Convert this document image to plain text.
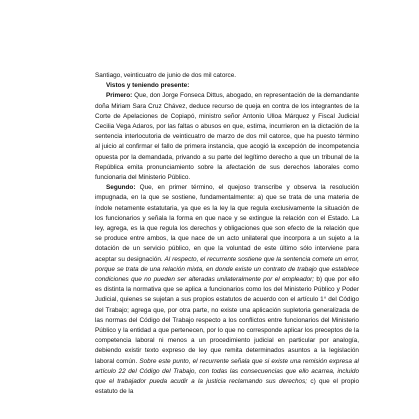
Santiago, veinticuatro de junio de dos mil catorce.

Vistos y teniendo presente:

Primero: Que, don Jorge Fonseca Dittus, abogado, en representación de la demandante doña Miriam Sara Cruz Chávez, deduce recurso de queja en contra de los integrantes de la Corte de Apelaciones de Copiapó, ministro señor Antonio Ulloa Márquez y Fiscal Judicial Cecilia Vega Adaros, por las faltas o abusos en que, estima, incurrieron en la dictación de la sentencia interlocutoria de veinticuatro de marzo de dos mil catorce, que ha puesto término al juicio al confirmar el fallo de primera instancia, que acogió la excepción de incompetencia opuesta por la demandada, privando a su parte del legítimo derecho a que un tribunal de la República emita pronunciamiento sobre la afectación de sus derechos laborales como funcionaria del Ministerio Público.

Segundo: Que, en primer término, el quejoso transcribe y observa la resolución impugnada, en la que se sostiene, fundamentalmente: a) que se trata de una materia de índole netamente estatutaria, ya que es la ley la que regula exclusivamente la situación de los funcionarios y señala la forma en que nace y se extingue la relación con el Estado. La ley, agrega, es la que regula los derechos y obligaciones que son efecto de la relación que se produce entre ambos, la que nace de un acto unilateral que incorpora a un sujeto a la dotación de un servicio público, en que la voluntad de este último sólo interviene para aceptar su designación. Al respecto, el recurrente sostiene que la sentencia comete un error, porque se trata de una relación mixta, en donde existe un contrato de trabajo que establece condiciones que no pueden ser alteradas unilateralmente por el empleador; b) que por ello es distinta la normativa que se aplica a funcionarios como los del Ministerio Público y Poder Judicial, quienes se sujetan a sus propios estatutos de acuerdo con el artículo 1° del Código del Trabajo; agrega que, por otra parte, no existe una aplicación supletoria generalizada de las normas del Código del Trabajo respecto a los conflictos entre funcionarios del Ministerio Público y la entidad a que pertenecen, por lo que no corresponde aplicar los preceptos de la competencia laboral ni menos a un procedimiento judicial en particular por analogía, debiendo existir texto expreso de ley que remita determinados asuntos a la legislación laboral común. Sobre este punto, el recurrente señala que si existe una remisión expresa al artículo 22 del Código del Trabajo, con todas las consecuencias que ello acarrea, incluido que el trabajador pueda acudir a la justicia reclamando sus derechos; c) que el propio estatuto de la
